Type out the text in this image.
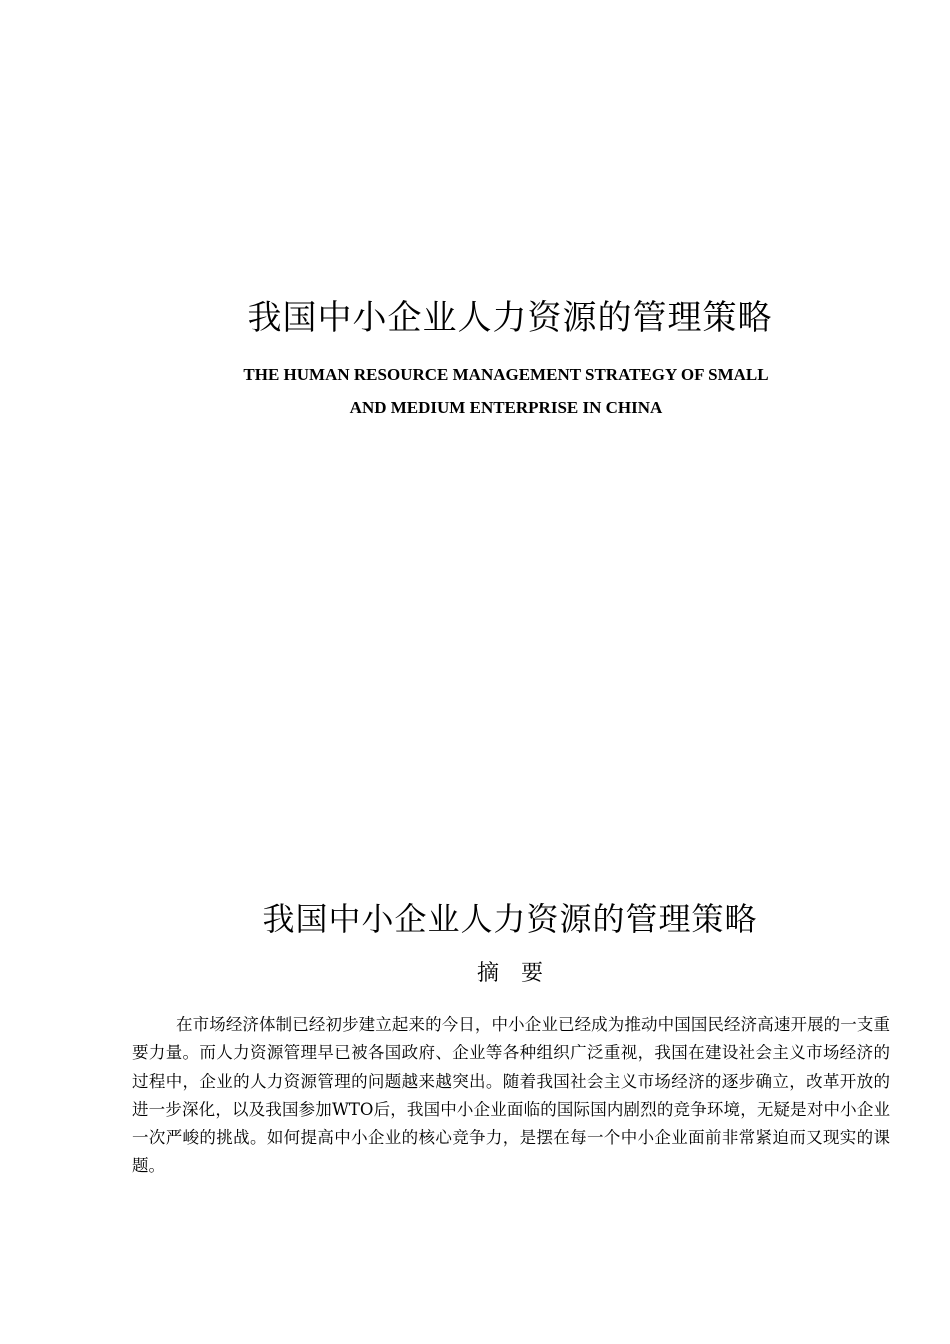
我国中小企业人力资源的管理策略
THE HUMAN RESOURCE MANAGEMENT STRATEGY OF SMALL
AND MEDIUM ENTERPRISE IN CHINA
我国中小企业人力资源的管理策略
摘要

在市场经济体制已经初步建立起来的今日，中小企业已经成为推动中国国民经济高速开展的一支重要力量。而人力资源管理早已被各国政府、企业等各种组织广泛重视，我国在建设社会主义市场经济的过程中，企业的人力资源管理的问题越来越突出。随着我国社会主义市场经济的逐步确立，改革开放的进一步深化，以及我国参加WTO后，我国中小企业面临的国际国内剧烈的竞争环境，无疑是对中小企业一次严峻的挑战。如何提高中小企业的核心竞争力，是摆在每一个中小企业面前非常紧迫而又现实的课题。
